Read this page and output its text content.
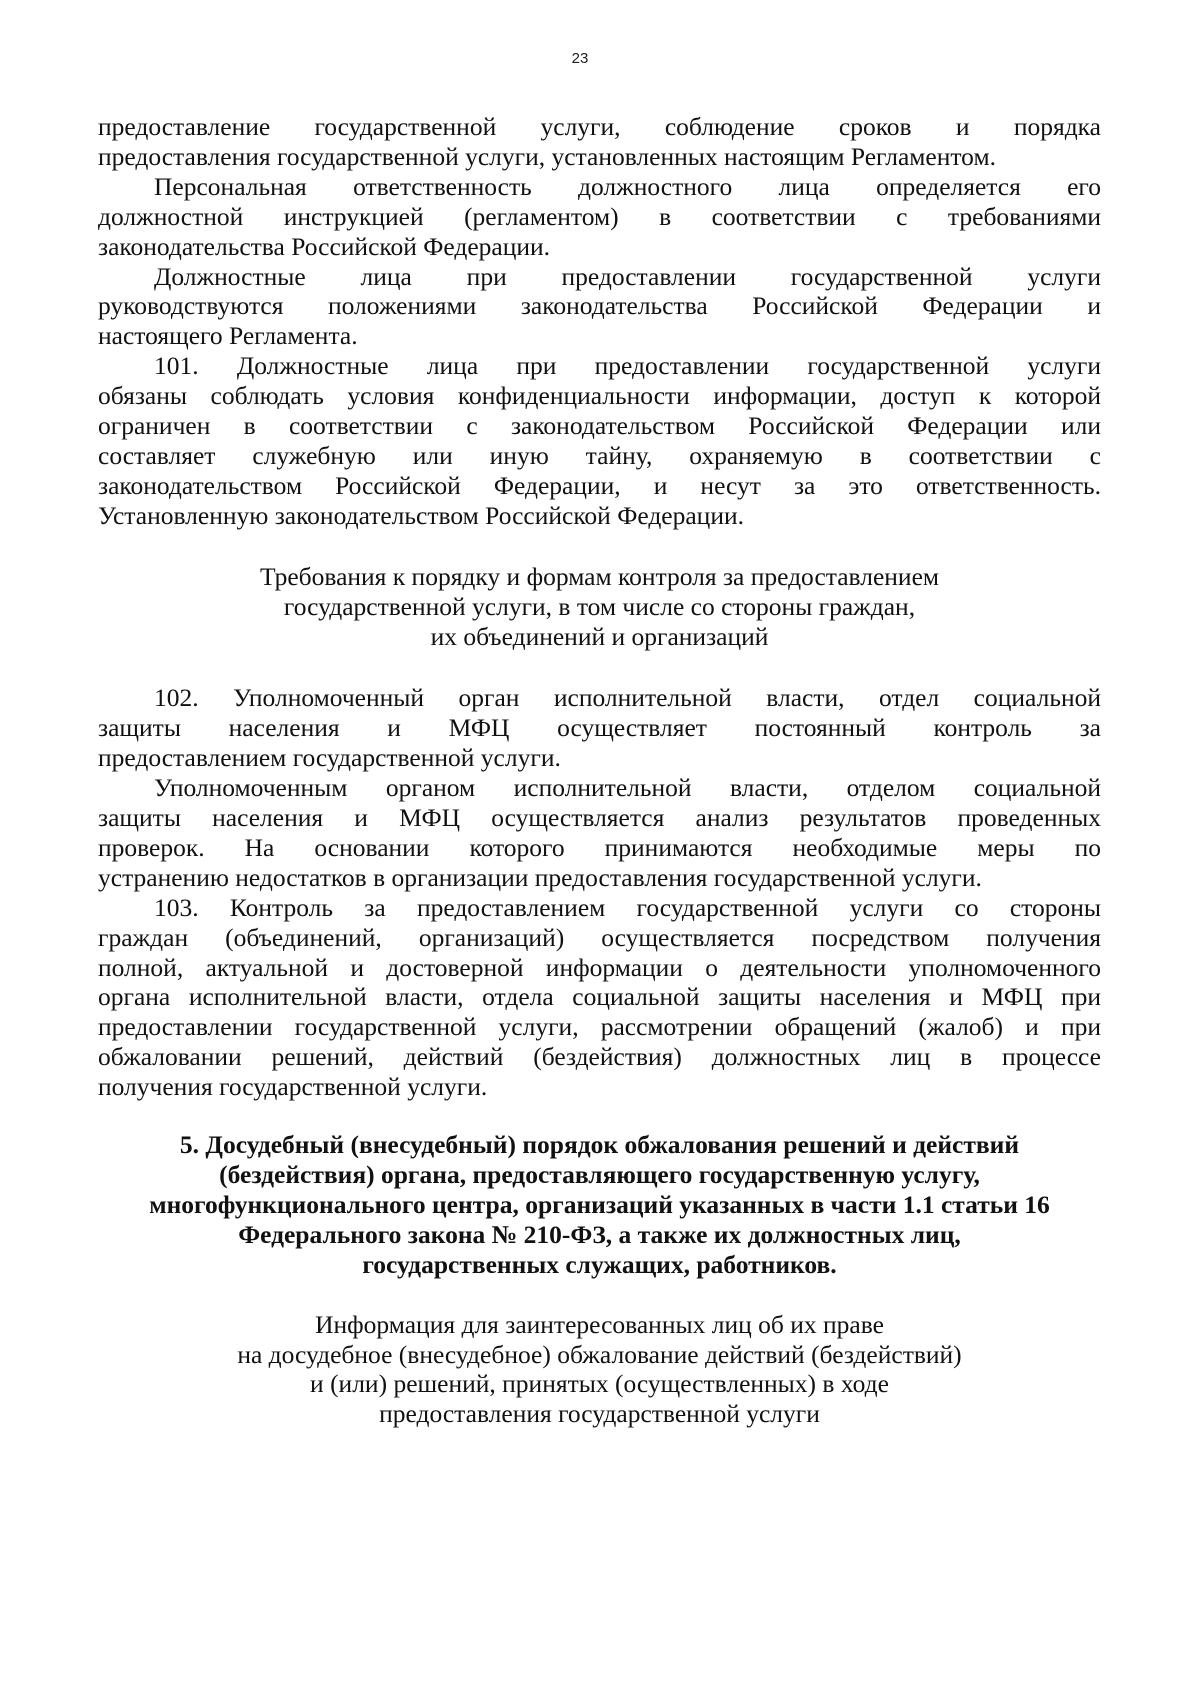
23

предоставление государственной услуги, соблюдение сроков и порядка

предоставления государственной услуги, установленных настоящим Регламентом.

Персональная ответственность должностного лица определяется его

должностной инструкцией (регламентом) в соответствии с требованиями

законодательства Российской Федерации.

Должностные лица при предоставлении государственной услуги

руководствуются положениями законодательства Российской Федерации и

настоящего Регламента.

101. Должностные лица при предоставлении государственной услуги

обязаны соблюдать условия конфиденциальности информации, доступ к которой

ограничен в соответствии с законодательством Российской Федерации или

составляет служебную или иную тайну, охраняемую в соответствии с

законодательством Российской Федерации, и несут за это ответственность.

Установленную законодательством Российской Федерации.

Требования к порядку и формам контроля за предоставлением
государственной услуги, в том числе со стороны граждан,
их объединений и организаций

102. Уполномоченный орган исполнительной власти, отдел социальной

защиты населения и МФЦ осуществляет постоянный контроль за

предоставлением государственной услуги.

Уполномоченным органом исполнительной власти, отделом социальной

защиты населения и МФЦ осуществляется анализ результатов проведенных

проверок. На основании которого принимаются необходимые меры по

устранению недостатков в организации предоставления государственной услуги.

103. Контроль за предоставлением государственной услуги со стороны

граждан (объединений, организаций) осуществляется посредством получения

полной, актуальной и достоверной информации о деятельности уполномоченного

органа исполнительной власти, отдела социальной защиты населения и МФЦ при

предоставлении государственной услуги, рассмотрении обращений (жалоб) и при

обжаловании решений, действий (бездействия) должностных лиц в процессе

получения государственной услуги.

5. Досудебный (внесудебный) порядок обжалования решений и действий
(бездействия) органа, предоставляющего государственную услугу,
многофункционального центра, организаций указанных в части 1.1 статьи 16
Федерального закона № 210-ФЗ, а также их должностных лиц,
государственных служащих, работников.
Информация для заинтересованных лиц об их праве
на досудебное (внесудебное) обжалование действий (бездействий)
и (или) решений, принятых (осуществленных) в ходе
предоставления государственной услуги
